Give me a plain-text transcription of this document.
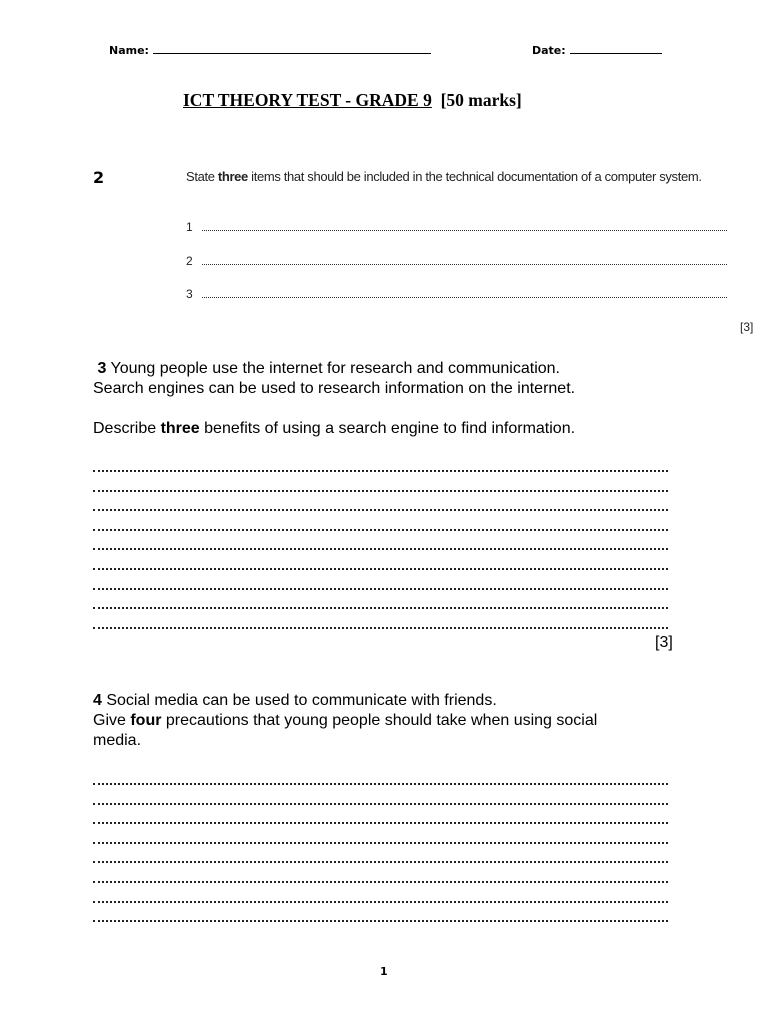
Name:	Date:
ICT THEORY TEST - GRADE 9 [50 marks]
2	State three items that should be included in the technical documentation of a computer system.
1
2
3
[3]
3 Young people use the internet for research and communication.
Search engines can be used to research information on the internet.
Describe three benefits of using a search engine to find information.
[3]
4 Social media can be used to communicate with friends.
Give four precautions that young people should take when using social
media.
1
